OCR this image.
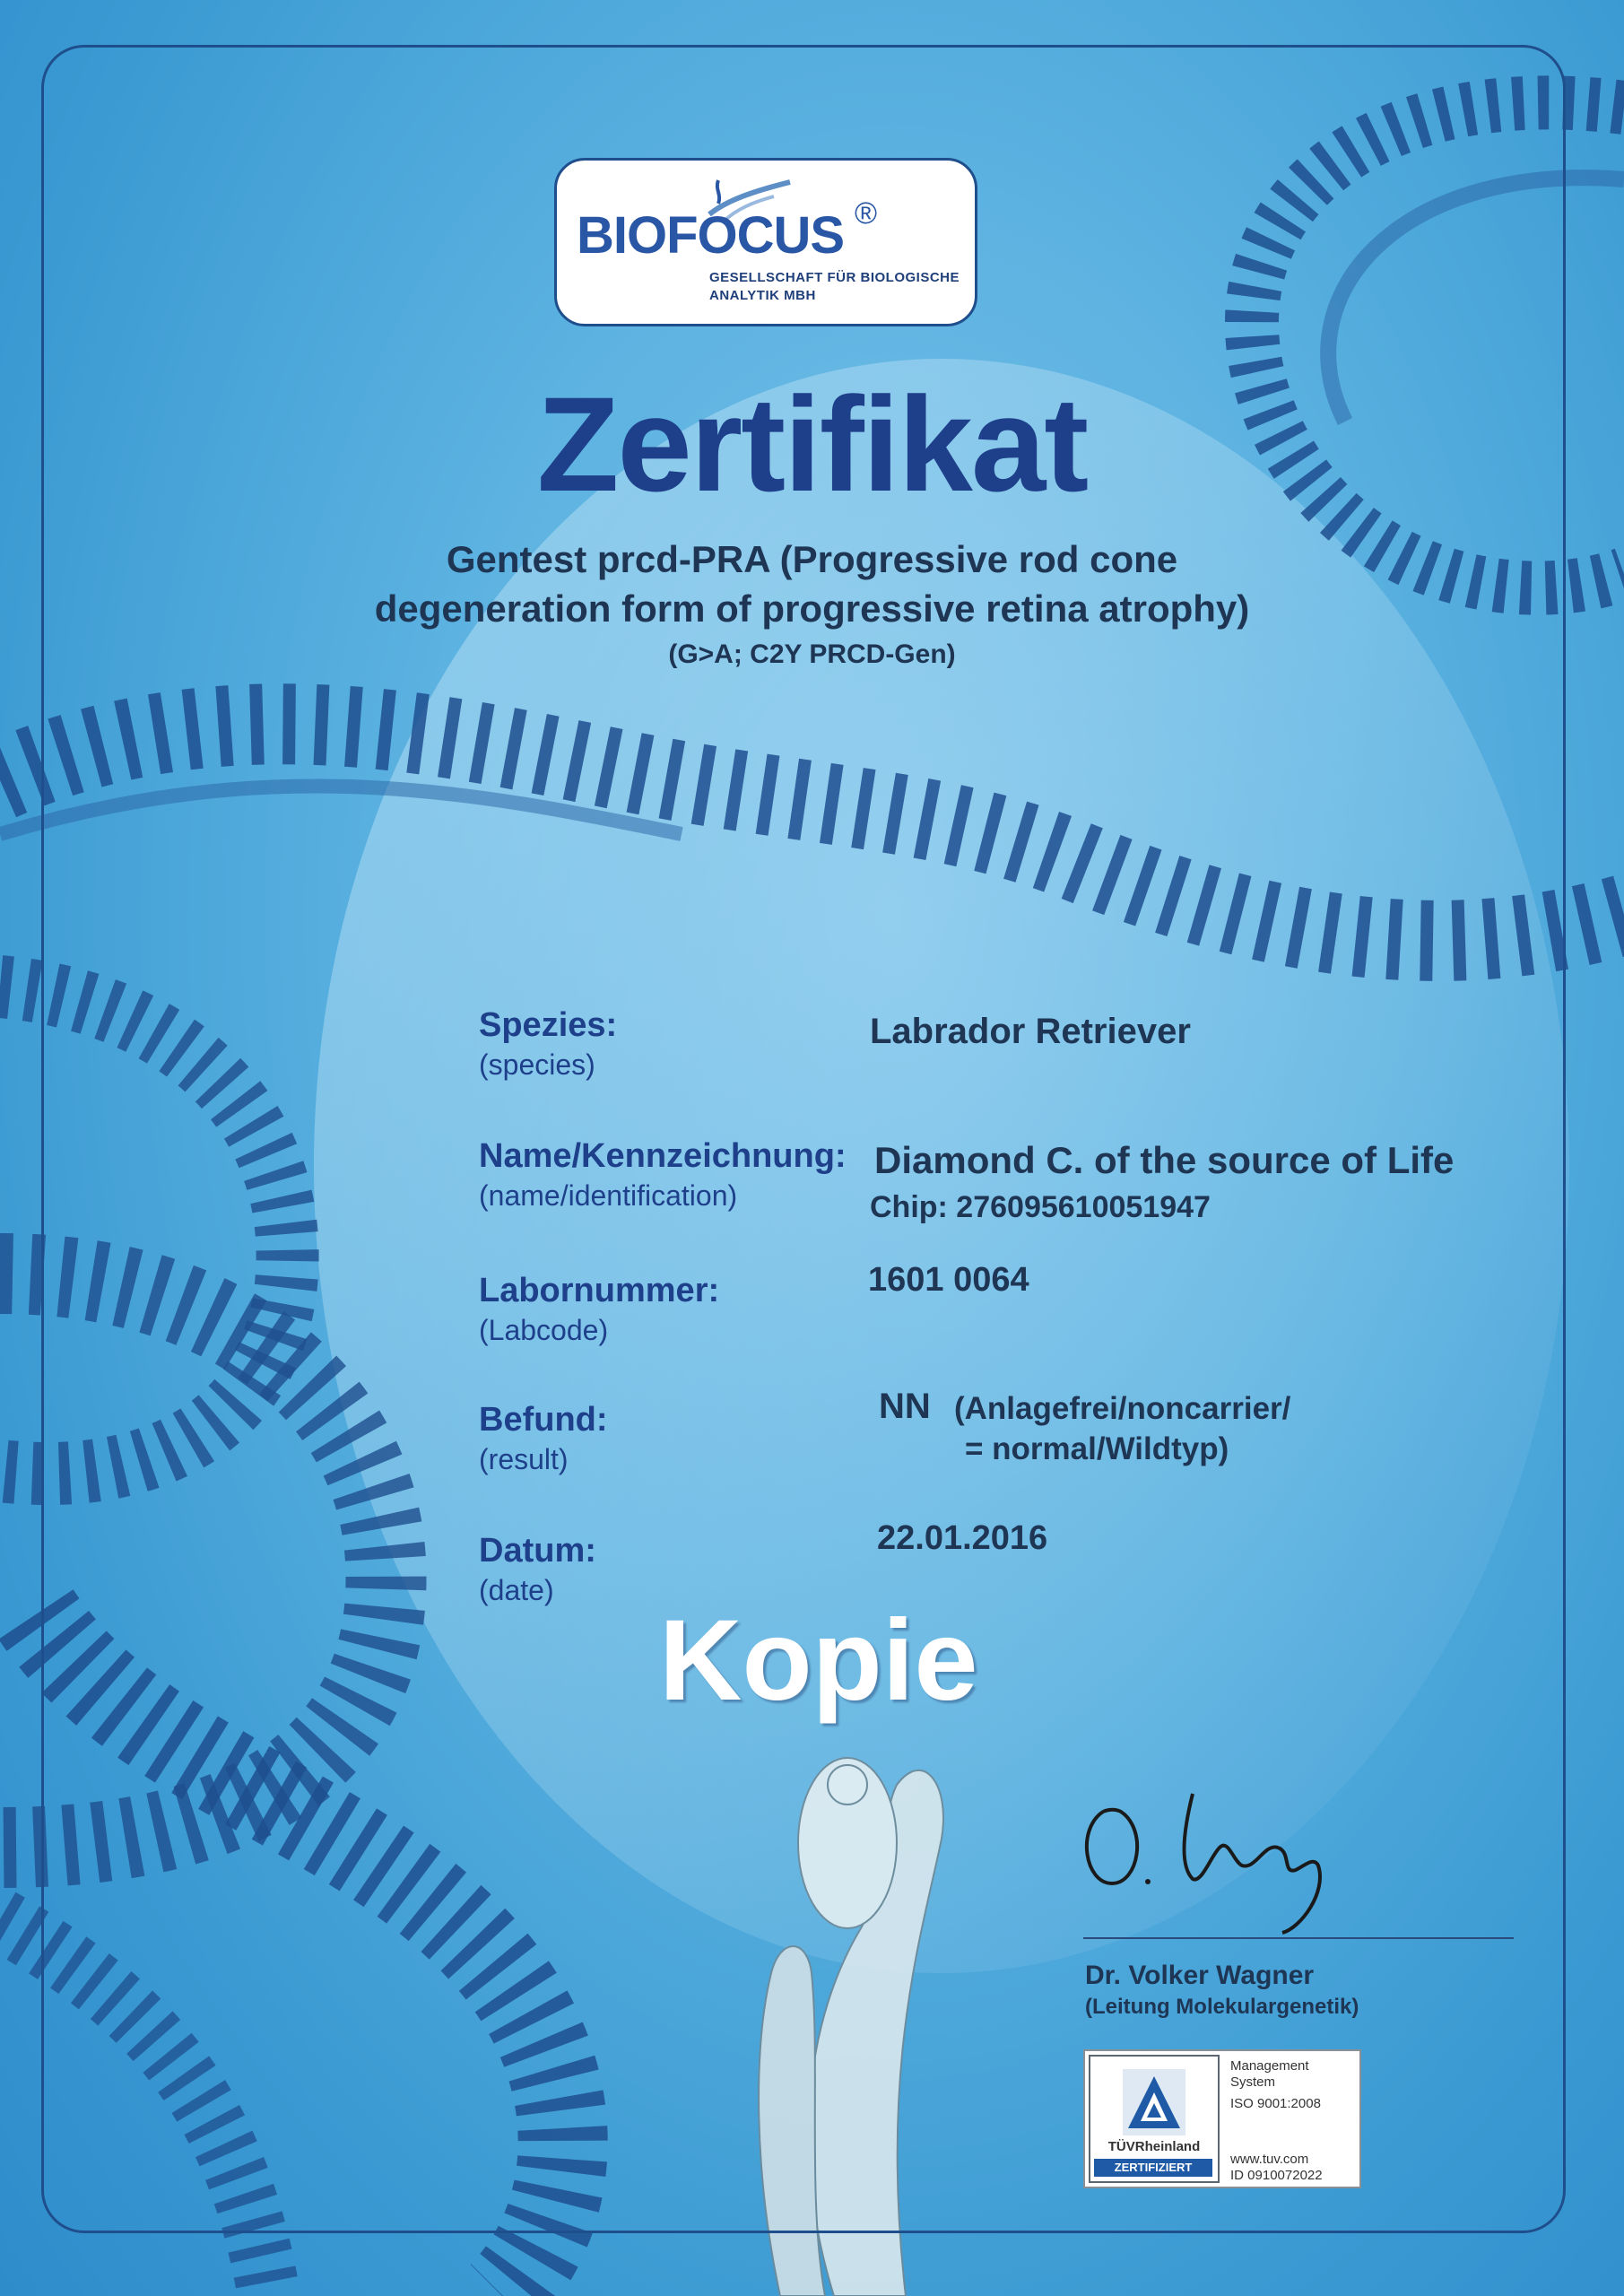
BIOFOCUS ®
GESELLSCHAFT FÜR BIOLOGISCHE
ANALYTIK MBH
Zertifikat
Gentest prcd-PRA (Progressive rod cone
degeneration form of progressive retina atrophy)
(G>A; C2Y PRCD-Gen)
Spezies:
(species)
Labrador Retriever
Name/Kennzeichnung:
(name/identification)
Diamond C. of the source of Life
Chip: 276095610051947
Labornummer:
(Labcode)
1601 0064
Befund:
(result)
NN (Anlagefrei/noncarrier/
= normal/Wildtyp)
Datum:
(date)
22.01.2016
Kopie
Dr. Volker Wagner
(Leitung Molekulargenetik)
TÜVRheinland
ZERTIFIZIERT
Management
System
ISO 9001:2008
www.tuv.com
ID 0910072022
